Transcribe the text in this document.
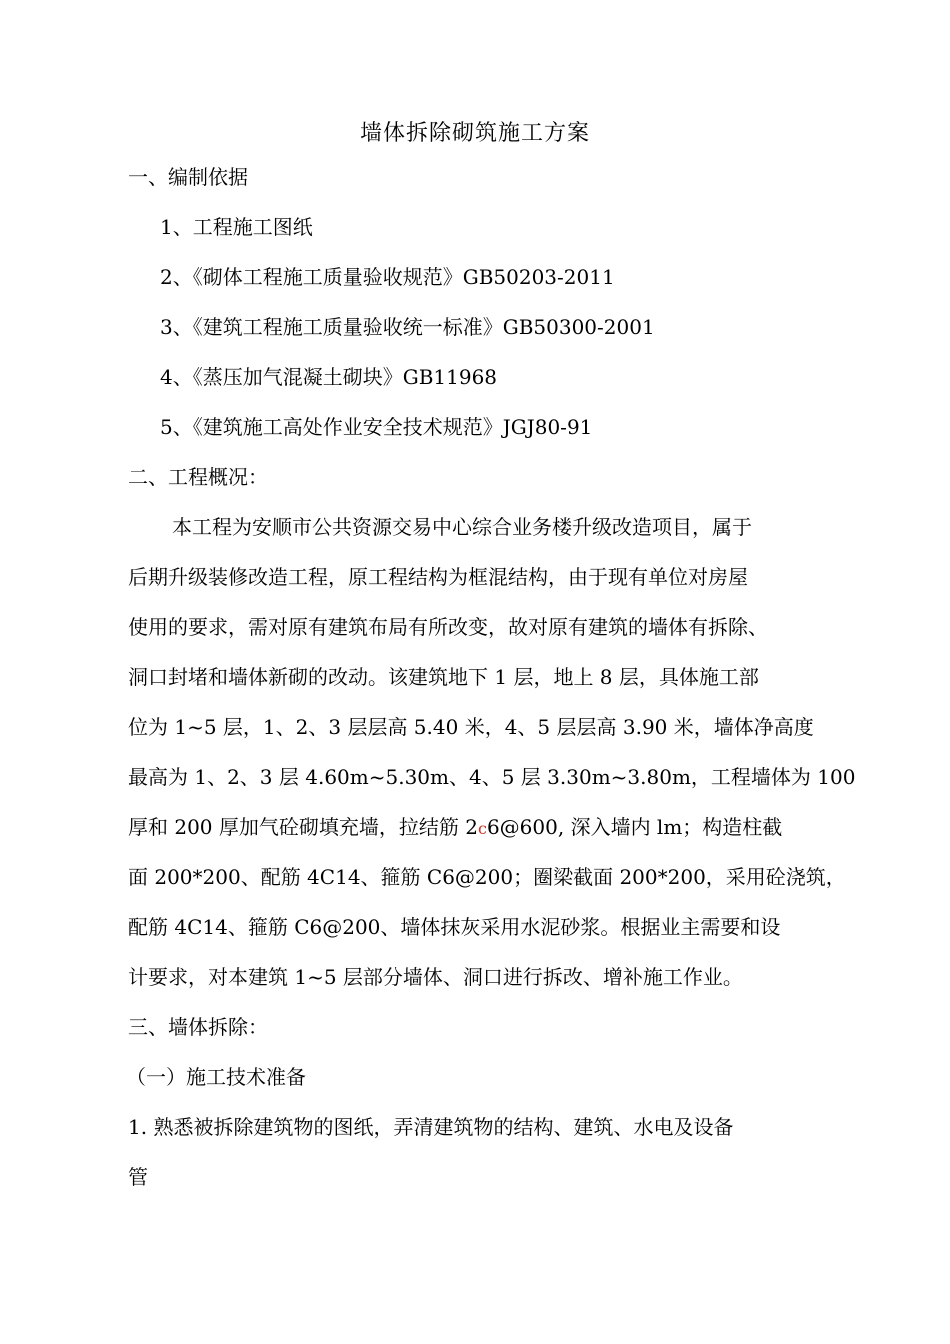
墙体拆除砌筑施工方案
一、编制依据
1、工程施工图纸
2、《砌体工程施工质量验收规范》GB50203-2011
3、《建筑工程施工质量验收统一标准》GB50300-2001
4、《蒸压加气混凝土砌块》GB11968
5、《建筑施工高处作业安全技术规范》JGJ80-91
二、工程概况：
本工程为安顺市公共资源交易中心综合业务楼升级改造项目，属于
后期升级装修改造工程，原工程结构为框混结构，由于现有单位对房屋
使用的要求，需对原有建筑布局有所改变，故对原有建筑的墙体有拆除、
洞口封堵和墙体新砌的改动。该建筑地下 1 层，地上 8 层，具体施工部
位为 1~5 层，1、2、3 层层高 5.40 米，4、5 层层高 3.90 米，墙体净高度
最高为 1、2、3 层 4.60m~5.30m、4、5 层 3.30m~3.80m，工程墙体为 100
厚和 200 厚加气砼砌填充墙，拉结筋 2c6@600, 深入墙内 lm；构造柱截
面 200*200、配筋 4C14、箍筋 C6@200；圈梁截面 200*200，采用砼浇筑，
配筋 4C14、箍筋 C6@200、墙体抹灰采用水泥砂浆。根据业主需要和设
计要求，对本建筑 1~5 层部分墙体、洞口进行拆改、增补施工作业。
三、墙体拆除：
（一）施工技术准备
1. 熟悉被拆除建筑物的图纸，弄清建筑物的结构、建筑、水电及设备
管
